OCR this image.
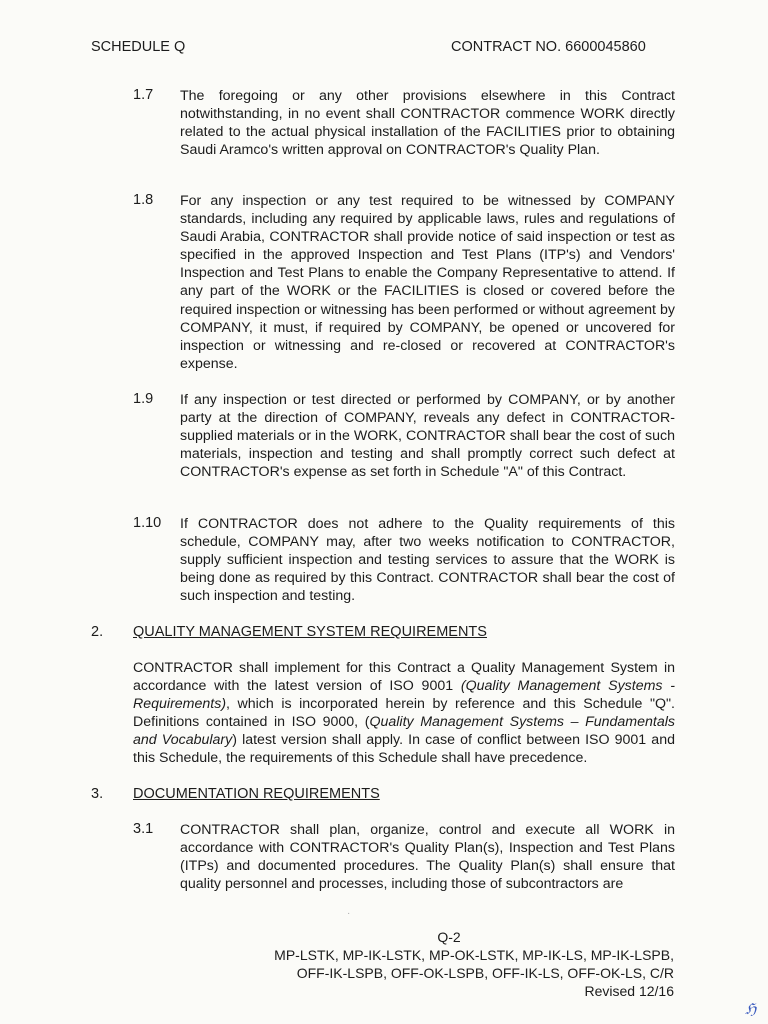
SCHEDULE Q	CONTRACT NO. 6600045860
1.7 The foregoing or any other provisions elsewhere in this Contract notwithstanding, in no event shall CONTRACTOR commence WORK directly related to the actual physical installation of the FACILITIES prior to obtaining Saudi Aramco's written approval on CONTRACTOR's Quality Plan.

1.8 For any inspection or any test required to be witnessed by COMPANY standards, including any required by applicable laws, rules and regulations of Saudi Arabia, CONTRACTOR shall provide notice of said inspection or test as specified in the approved Inspection and Test Plans (ITP's) and Vendors' Inspection and Test Plans to enable the Company Representative to attend. If any part of the WORK or the FACILITIES is closed or covered before the required inspection or witnessing has been performed or without agreement by COMPANY, it must, if required by COMPANY, be opened or uncovered for inspection or witnessing and re-closed or recovered at CONTRACTOR's expense.

1.9 If any inspection or test directed or performed by COMPANY, or by another party at the direction of COMPANY, reveals any defect in CONTRACTOR-supplied materials or in the WORK, CONTRACTOR shall bear the cost of such materials, inspection and testing and shall promptly correct such defect at CONTRACTOR's expense as set forth in Schedule "A" of this Contract.

1.10 If CONTRACTOR does not adhere to the Quality requirements of this schedule, COMPANY may, after two weeks notification to CONTRACTOR, supply sufficient inspection and testing services to assure that the WORK is being done as required by this Contract. CONTRACTOR shall bear the cost of such inspection and testing.

2. QUALITY MANAGEMENT SYSTEM REQUIREMENTS

CONTRACTOR shall implement for this Contract a Quality Management System in accordance with the latest version of ISO 9001 (Quality Management Systems - Requirements), which is incorporated herein by reference and this Schedule "Q". Definitions contained in ISO 9000, (Quality Management Systems – Fundamentals and Vocabulary) latest version shall apply. In case of conflict between ISO 9001 and this Schedule, the requirements of this Schedule shall have precedence.

3. DOCUMENTATION REQUIREMENTS
3.1 CONTRACTOR shall plan, organize, control and execute all WORK in accordance with CONTRACTOR's Quality Plan(s), Inspection and Test Plans (ITPs) and documented procedures. The Quality Plan(s) shall ensure that quality personnel and processes, including those of subcontractors are

·
Q-2
MP-LSTK, MP-IK-LSTK, MP-OK-LSTK, MP-IK-LS, MP-IK-LSPB,
OFF-IK-LSPB, OFF-OK-LSPB, OFF-IK-LS, OFF-OK-LS, C/R
Revised 12/16
ℌ
